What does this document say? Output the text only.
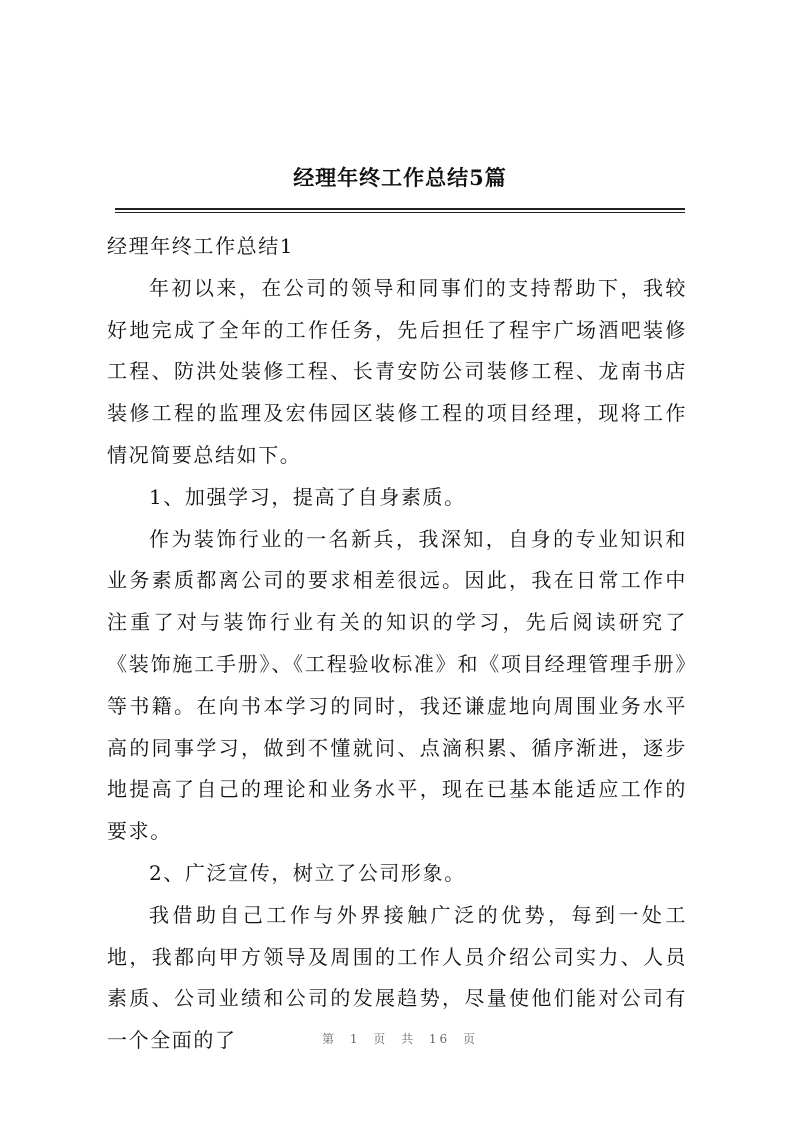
经理年终工作总结5篇

经理年终工作总结1

年初以来，在公司的领导和同事们的支持帮助下，我较好地完成了全年的工作任务，先后担任了程宇广场酒吧装修工程、防洪处装修工程、长青安防公司装修工程、龙南书店装修工程的监理及宏伟园区装修工程的项目经理，现将工作情况简要总结如下。

1、加强学习，提高了自身素质。

作为装饰行业的一名新兵，我深知，自身的专业知识和业务素质都离公司的要求相差很远。因此，我在日常工作中注重了对与装饰行业有关的知识的学习，先后阅读研究了《装饰施工手册》、《工程验收标准》和《项目经理管理手册》等书籍。在向书本学习的同时，我还谦虚地向周围业务水平高的同事学习，做到不懂就问、点滴积累、循序渐进，逐步地提高了自己的理论和业务水平，现在已基本能适应工作的要求。

2、广泛宣传，树立了公司形象。

我借助自己工作与外界接触广泛的优势，每到一处工地，我都向甲方领导及周围的工作人员介绍公司实力、人员素质、公司业绩和公司的发展趋势，尽量使他们能对公司有一个全面的了	第 1 页 共 16 页
